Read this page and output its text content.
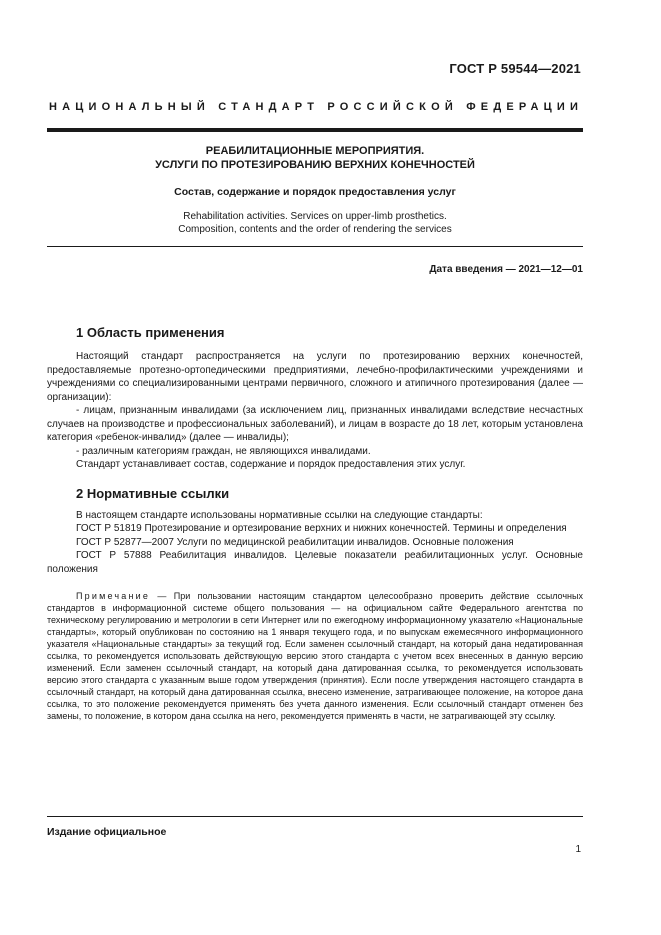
ГОСТ Р 59544—2021
НАЦИОНАЛЬНЫЙ СТАНДАРТ РОССИЙСКОЙ ФЕДЕРАЦИИ
РЕАБИЛИТАЦИОННЫЕ МЕРОПРИЯТИЯ.
УСЛУГИ ПО ПРОТЕЗИРОВАНИЮ ВЕРХНИХ КОНЕЧНОСТЕЙ
Состав, содержание и порядок предоставления услуг
Rehabilitation activities. Services on upper-limb prosthetics.
Composition, contents and the order of rendering the services
Дата введения — 2021—12—01
1 Область применения

Настоящий стандарт распространяется на услуги по протезированию верхних конечностей, предоставляемые протезно-ортопедическими предприятиями, лечебно-профилактическими учреждениями и учреждениями со специализированными центрами первичного, сложного и атипичного протезирования (далее — организации):

- лицам, признанным инвалидами (за исключением лиц, признанных инвалидами вследствие несчастных случаев на производстве и профессиональных заболеваний), и лицам в возрасте до 18 лет, которым установлена категория «ребенок-инвалид» (далее — инвалиды);

- различным категориям граждан, не являющихся инвалидами.

Стандарт устанавливает состав, содержание и порядок предоставления этих услуг.

2 Нормативные ссылки

В настоящем стандарте использованы нормативные ссылки на следующие стандарты:

ГОСТ Р 51819 Протезирование и ортезирование верхних и нижних конечностей. Термины и определения

ГОСТ Р 52877—2007 Услуги по медицинской реабилитации инвалидов. Основные положения

ГОСТ Р 57888 Реабилитация инвалидов. Целевые показатели реабилитационных услуг. Основные положения

Примечание — При пользовании настоящим стандартом целесообразно проверить действие ссылочных стандартов в информационной системе общего пользования — на официальном сайте Федерального агентства по техническому регулированию и метрологии в сети Интернет или по ежегодному информационному указателю «Национальные стандарты», который опубликован по состоянию на 1 января текущего года, и по выпускам ежемесячного информационного указателя «Национальные стандарты» за текущий год. Если заменен ссылочный стандарт, на который дана недатированная ссылка, то рекомендуется использовать действующую версию этого стандарта с учетом всех внесенных в данную версию изменений. Если заменен ссылочный стандарт, на который дана датированная ссылка, то рекомендуется использовать версию этого стандарта с указанным выше годом утверждения (принятия). Если после утверждения настоящего стандарта в ссылочный стандарт, на который дана датированная ссылка, внесено изменение, затрагивающее положение, на которое дана ссылка, то это положение рекомендуется применять без учета данного изменения. Если ссылочный стандарт отменен без замены, то положение, в котором дана ссылка на него, рекомендуется применять в части, не затрагивающей эту ссылку.
Издание официальное
1
